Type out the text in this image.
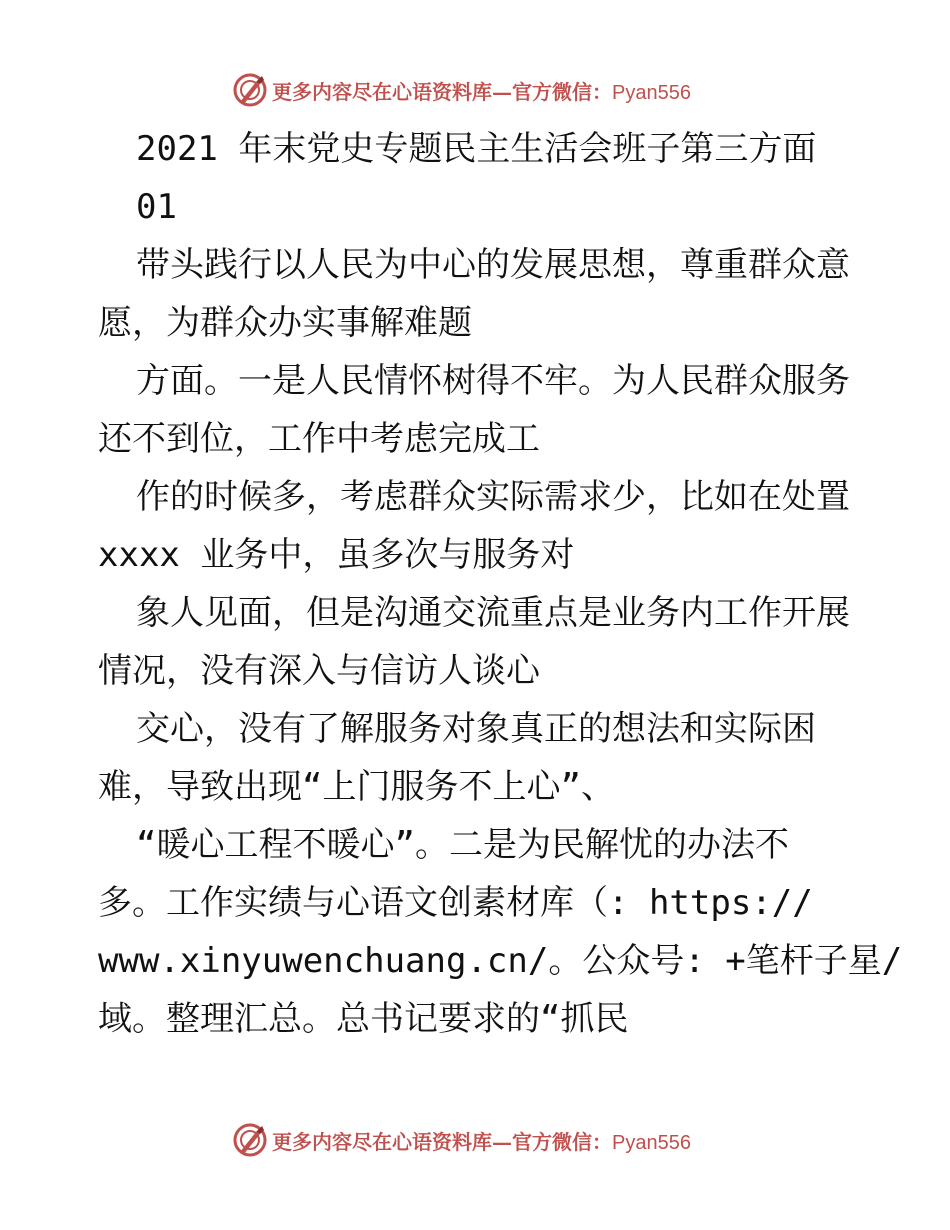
更多内容尽在心语资料库—官方微信：Pyan556
2021 年末党史专题民主生活会班子第三方面
01
带头践行以人民为中心的发展思想，尊重群众意
愿，为群众办实事解难题
方面。一是人民情怀树得不牢。为人民群众服务
还不到位，工作中考虑完成工
作的时候多，考虑群众实际需求少，比如在处置
xxxx 业务中，虽多次与服务对
象人见面，但是沟通交流重点是业务内工作开展
情况，没有深入与信访人谈心
交心，没有了解服务对象真正的想法和实际困
难，导致出现“上门服务不上心”、
“暖心工程不暖心”。二是为民解忧的办法不
多。工作实绩与心语文创素材库（: https://
www.xinyuwenchuang.cn/。公众号: +笔杆子星/
域。整理汇总。总书记要求的“抓民
更多内容尽在心语资料库—官方微信：Pyan556
